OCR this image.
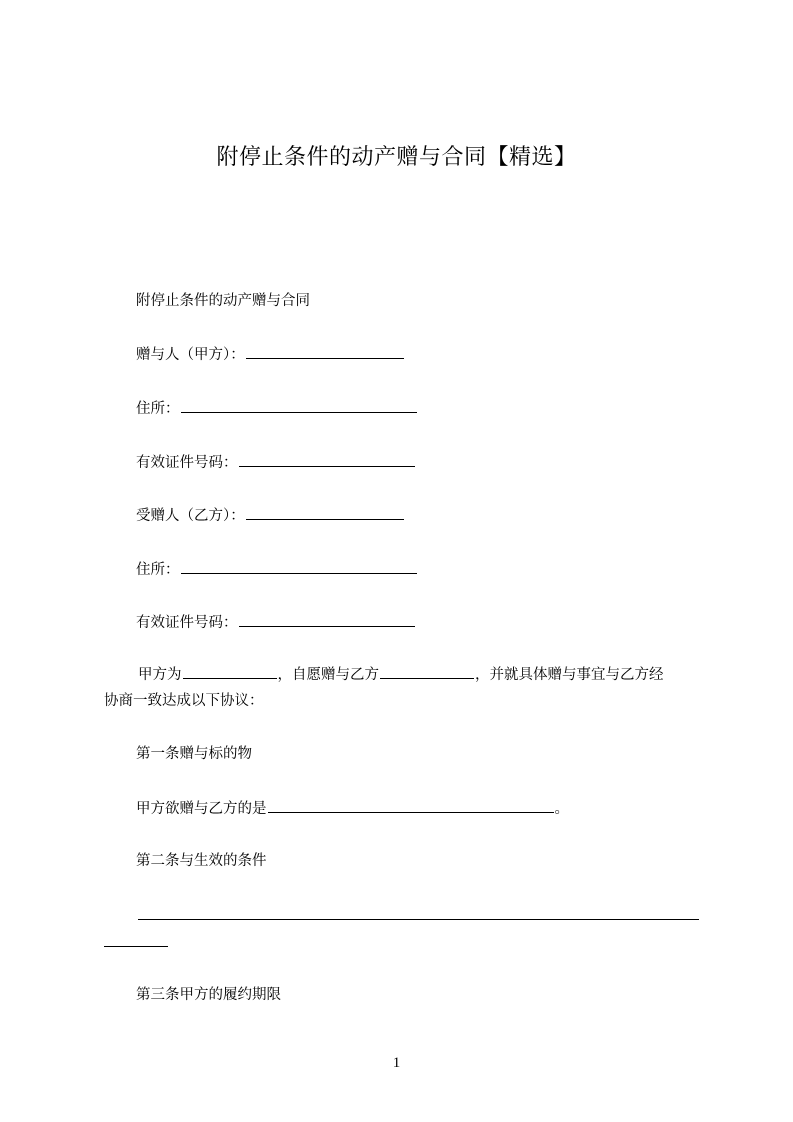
附停止条件的动产赠与合同【精选】
附停止条件的动产赠与合同
赠与人（甲方）：
住所：
有效证件号码：
受赠人（乙方）：
住所：
有效证件号码：
甲方为	，自愿赠与乙方	，并就具体赠与事宜与乙方经
协商一致达成以下协议：
第一条赠与标的物
甲方欲赠与乙方的是	。
第二条与生效的条件
第三条甲方的履约期限
1
